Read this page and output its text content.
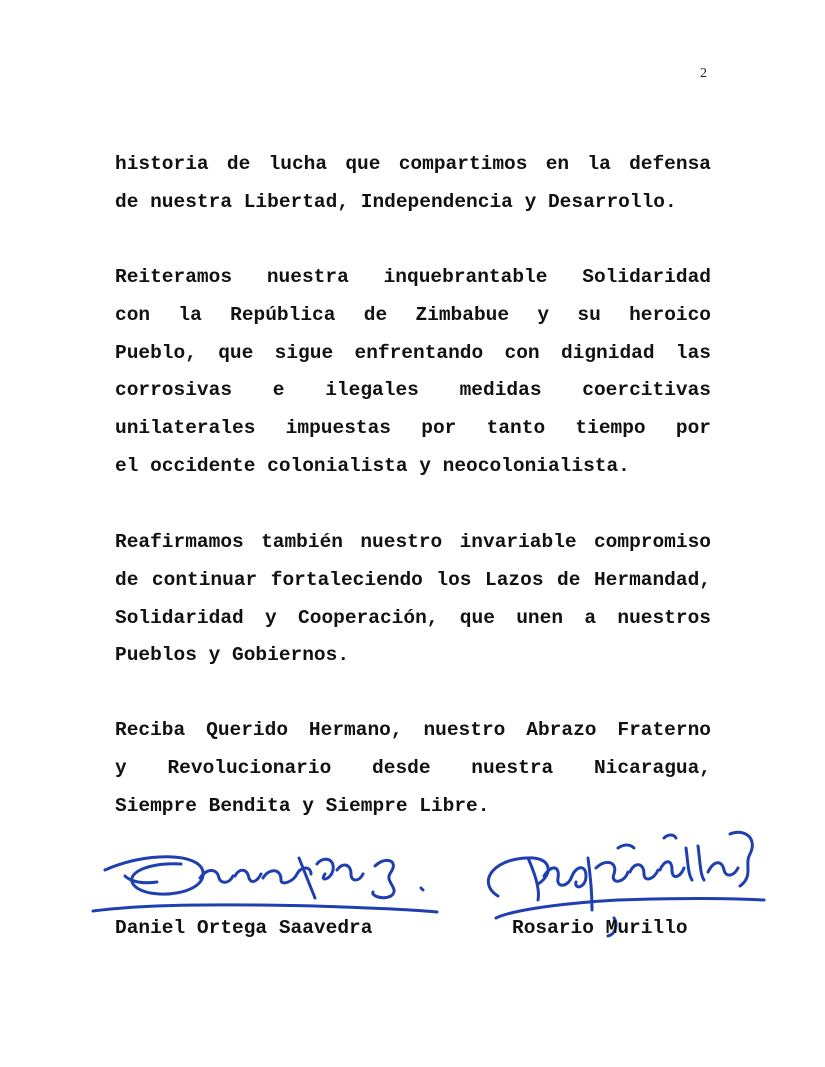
2
historia de lucha que compartimos en la defensa
de nuestra Libertad, Independencia y Desarrollo.
Reiteramos nuestra inquebrantable Solidaridad
con la República de Zimbabue y su heroico
Pueblo, que sigue enfrentando con dignidad las
corrosivas e ilegales medidas coercitivas
unilaterales impuestas por tanto tiempo por
el occidente colonialista y neocolonialista.
Reafirmamos también nuestro invariable compromiso
de continuar fortaleciendo los Lazos de Hermandad,
Solidaridad y Cooperación, que unen a nuestros
Pueblos y Gobiernos.
Reciba Querido Hermano, nuestro Abrazo Fraterno
y Revolucionario desde nuestra Nicaragua,
Siempre Bendita y Siempre Libre.
Daniel Ortega Saavedra	Rosario Murillo
